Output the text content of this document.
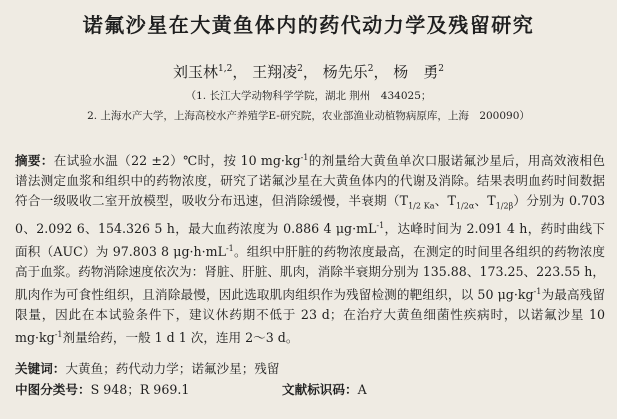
诺氟沙星在大黄鱼体内的药代动力学及残留研究
刘玉林$^{1,2}$， 王翔凌$^2$， 杨先乐$^2$， 杨　勇$^2$
（1. 长江大学动物科学学院，湖北 荆州　434025；
2. 上海水产大学，上海高校水产养殖学E-研究院，农业部渔业动植物病原库，上海　200090）
摘要：在试验水温（22 ±2）℃时，按 10 $mg\cdot kg^{-1}$的剂量给大黄鱼单次口服诺氟沙星后，用高效液相色谱法测定血浆和组织中的药物浓度，研究了诺氟沙星在大黄鱼体内的代谢及消除。结果表明血药时间数据符合一级吸收二室开放模型，吸收分布迅速，但消除缓慢，半衰期（$T_{1/2 Ka}$、$T_{1/2\alpha}$、$T_{1/2\beta}$）分别为 0.703 0、2.092 6、154.326 5 h，最大血药浓度为 0.886 4 $\mu g\cdot mL^{-1}$，达峰时间为 2.091 4 h，药时曲线下面积（AUC）为 97.803 8 $\mu g\cdot h\cdot mL^{-1}$。组织中肝脏的药物浓度最高，在测定的时间里各组织的药物浓度高于血浆。药物消除速度依次为：肾脏、肝脏、肌肉，消除半衰期分别为 135.88、173.25、223.55 h，肌肉作为可食性组织，且消除最慢，因此选取肌肉组织作为残留检测的靶组织，以 50 $\mu g\cdot kg^{-1}$为最高残留限量，因此在本试验条件下，建议休药期不低于 23 d；在治疗大黄鱼细菌性疾病时，以诺氟沙星 10 $mg\cdot kg^{-1}$剂量给药，一般 1 d 1 次，连用 2～3 d。
关键词：大黄鱼；药代动力学；诺氟沙星；残留
中图分类号：S 948；R 969.1	文献标识码：A
